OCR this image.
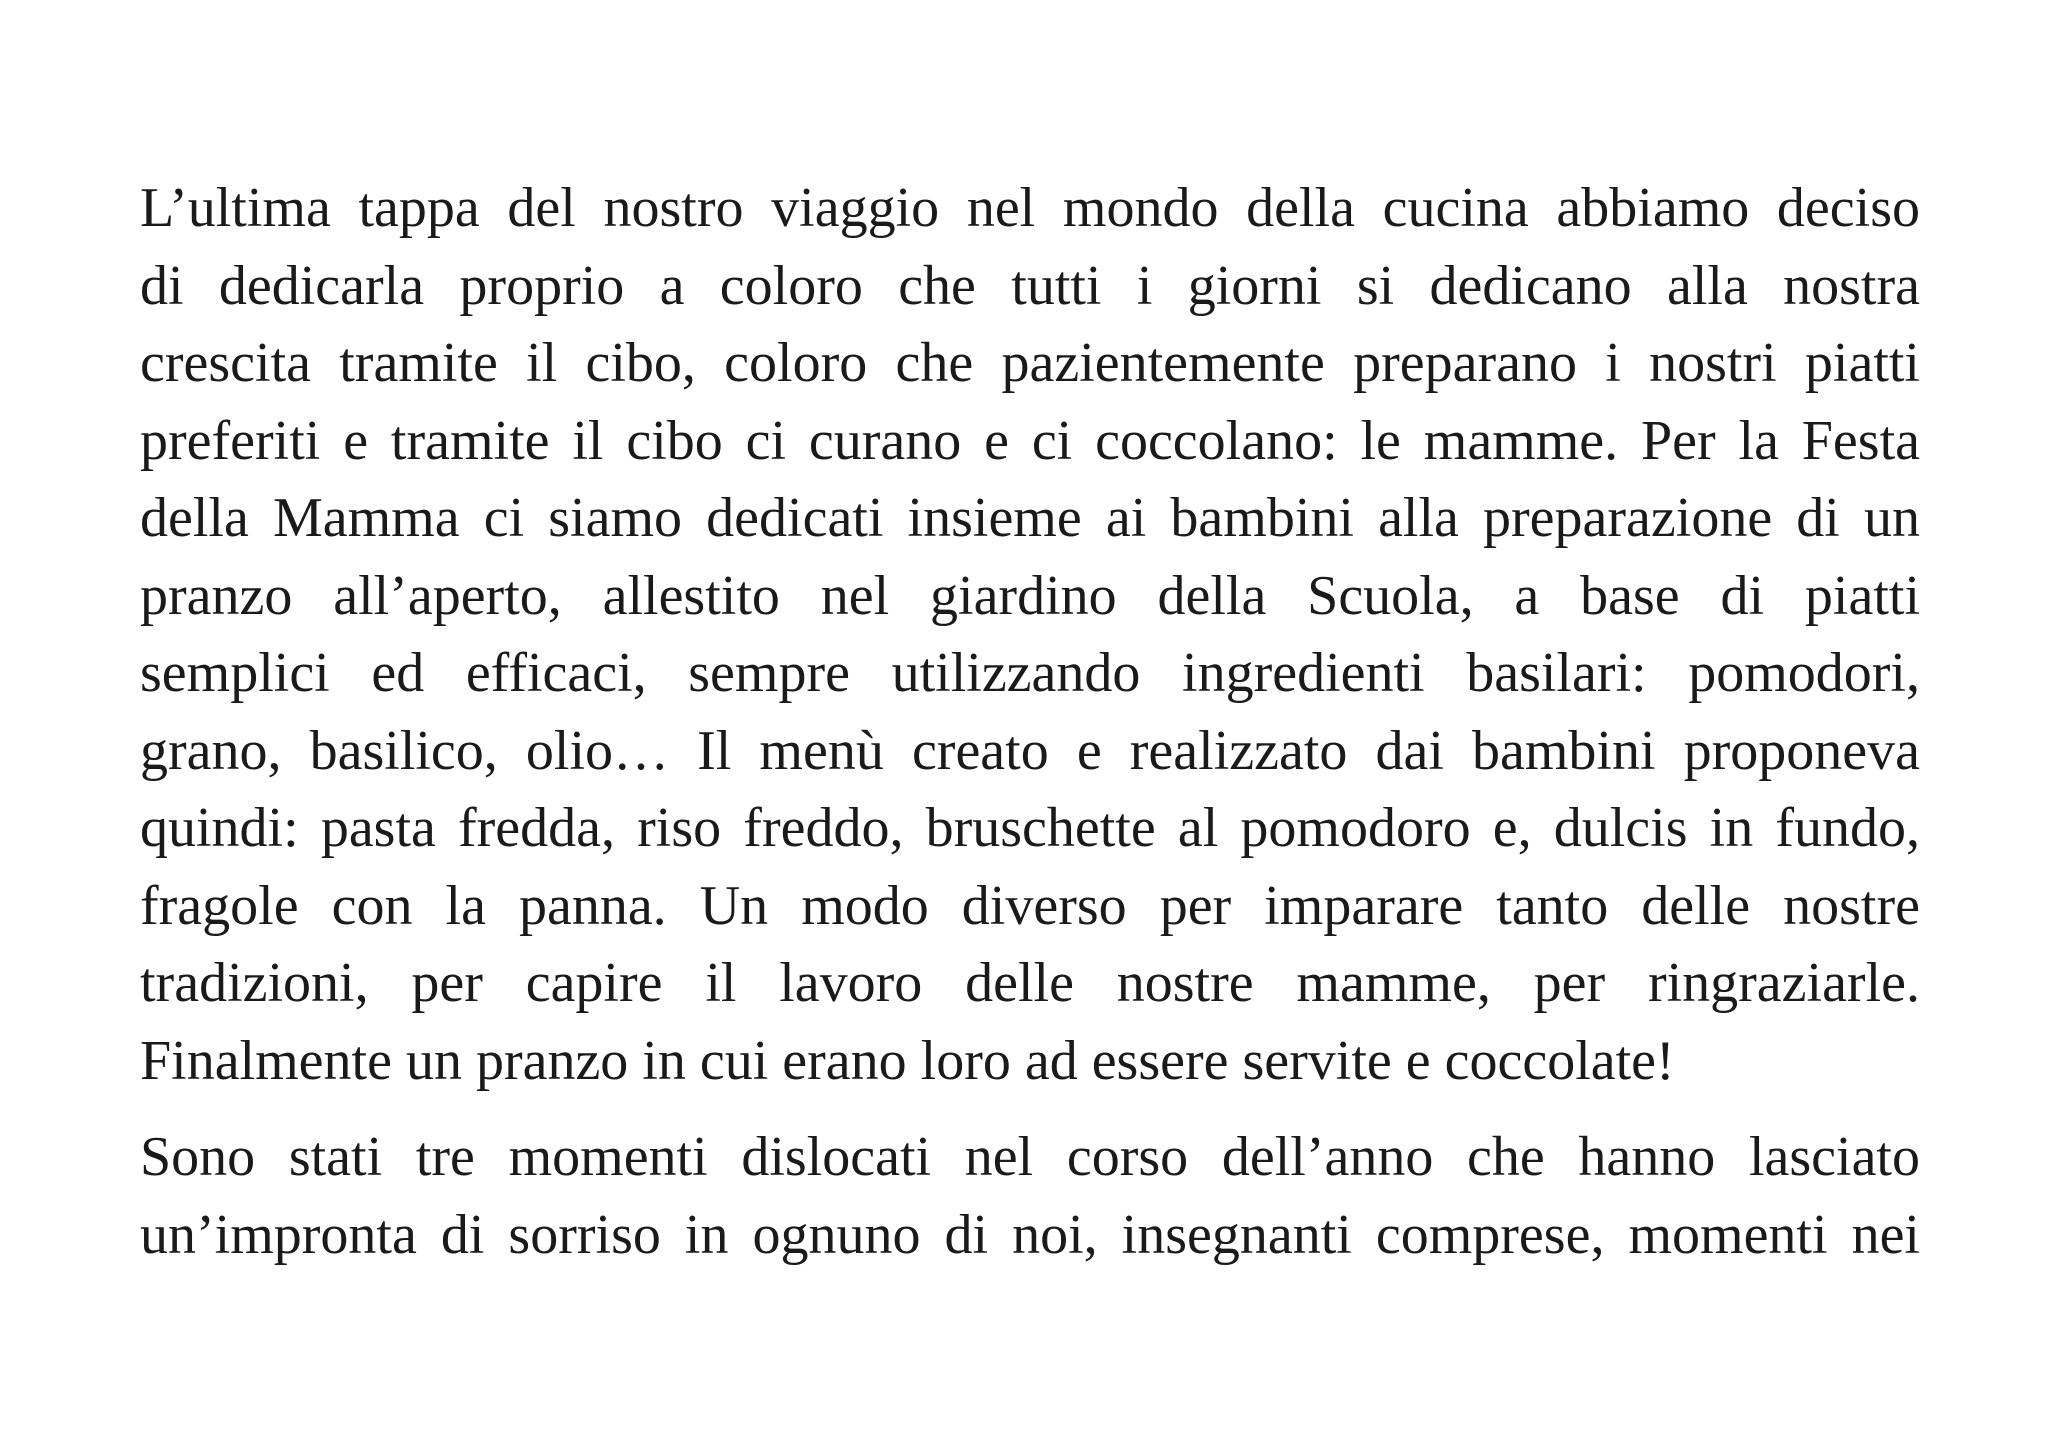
L’ultima tappa del nostro viaggio nel mondo della cucina abbiamo deciso
di dedicarla proprio a coloro che tutti i giorni si dedicano alla nostra
crescita tramite il cibo, coloro che pazientemente preparano i nostri piatti
preferiti e tramite il cibo ci curano e ci coccolano: le mamme. Per la Festa
della Mamma ci siamo dedicati insieme ai bambini alla preparazione di un
pranzo all’aperto, allestito nel giardino della Scuola, a base di piatti
semplici ed efficaci, sempre utilizzando ingredienti basilari: pomodori,
grano, basilico, olio… Il menù creato e realizzato dai bambini proponeva
quindi: pasta fredda, riso freddo, bruschette al pomodoro e, dulcis in fundo,
fragole con la panna. Un modo diverso per imparare tanto delle nostre
tradizioni, per capire il lavoro delle nostre mamme, per ringraziarle.
Finalmente un pranzo in cui erano loro ad essere servite e coccolate!
Sono stati tre momenti dislocati nel corso dell’anno che hanno lasciato
un’impronta di sorriso in ognuno di noi, insegnanti comprese, momenti nei
